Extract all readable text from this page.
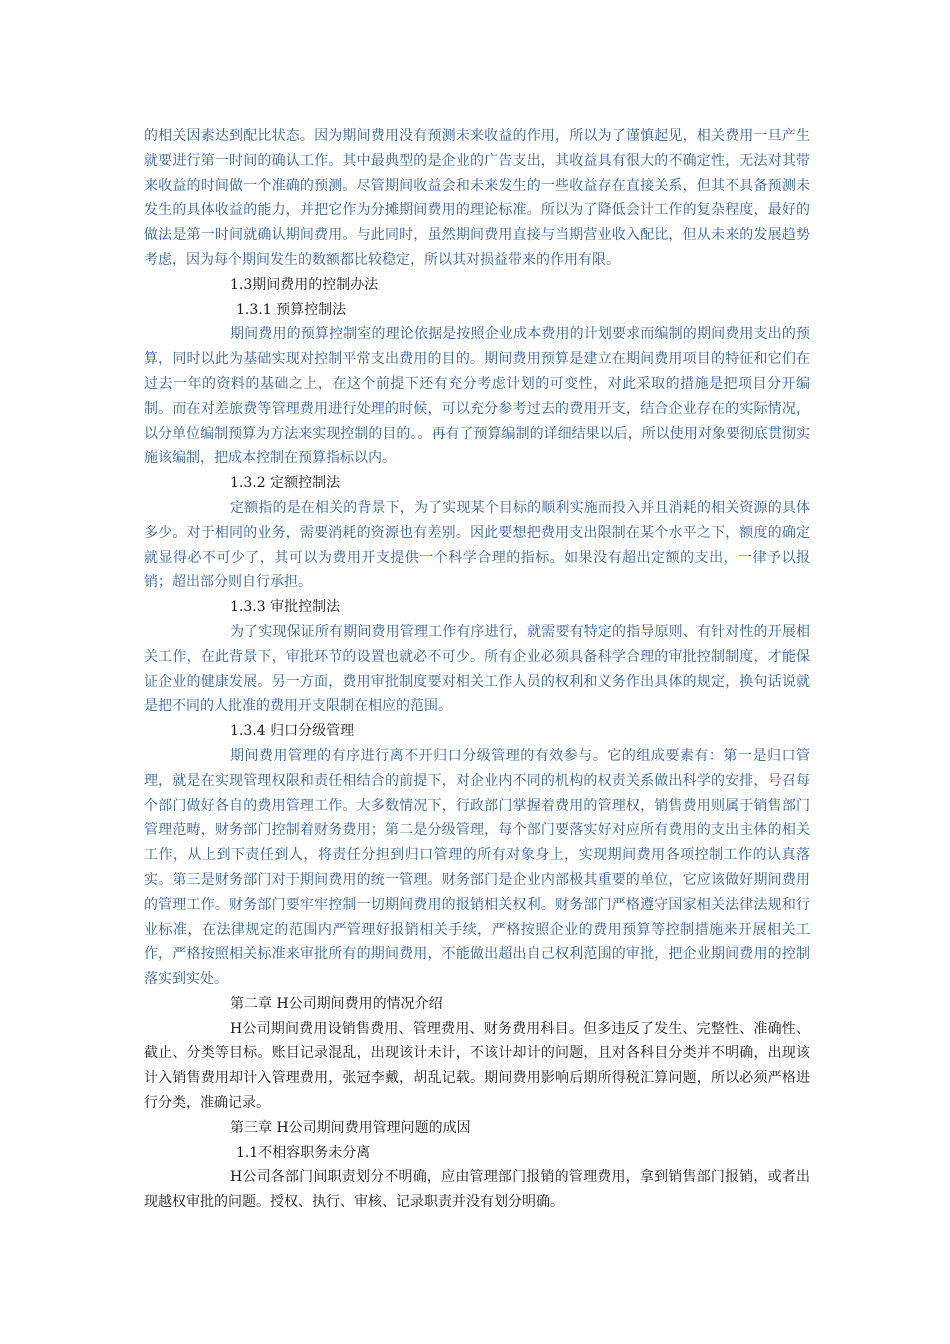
的相关因素达到配比状态。因为期间费用没有预测未来收益的作用，所以为了谨慎起见，相关费用一旦产生就要进行第一时间的确认工作。其中最典型的是企业的广告支出，其收益具有很大的不确定性，无法对其带来收益的时间做一个准确的预测。尽管期间收益会和未来发生的一些收益存在直接关系，但其不具备预测未发生的具体收益的能力，并把它作为分摊期间费用的理论标准。所以为了降低会计工作的复杂程度，最好的做法是第一时间就确认期间费用。与此同时，虽然期间费用直接与当期营业收入配比，但从未来的发展趋势考虑，因为每个期间发生的数额都比较稳定，所以其对损益带来的作用有限。

1.3期间费用的控制办法

1.3.1 预算控制法

期间费用的预算控制室的理论依据是按照企业成本费用的计划要求而编制的期间费用支出的预算，同时以此为基础实现对控制平常支出费用的目的。期间费用预算是建立在期间费用项目的特征和它们在过去一年的资料的基础之上，在这个前提下还有充分考虑计划的可变性，对此采取的措施是把项目分开编制。而在对差旅费等管理费用进行处理的时候，可以充分参考过去的费用开支，结合企业存在的实际情况，以分单位编制预算为方法来实现控制的目的。。再有了预算编制的详细结果以后，所以使用对象要彻底贯彻实施该编制，把成本控制在预算指标以内。

1.3.2 定额控制法

定额指的是在相关的背景下，为了实现某个目标的顺利实施而投入并且消耗的相关资源的具体多少。对于相同的业务，需要消耗的资源也有差别。因此要想把费用支出限制在某个水平之下，额度的确定就显得必不可少了，其可以为费用开支提供一个科学合理的指标。如果没有超出定额的支出，一律予以报销；超出部分则自行承担。

1.3.3 审批控制法

为了实现保证所有期间费用管理工作有序进行，就需要有特定的指导原则、有针对性的开展相关工作，在此背景下，审批环节的设置也就必不可少。所有企业必须具备科学合理的审批控制制度，才能保证企业的健康发展。另一方面，费用审批制度要对相关工作人员的权利和义务作出具体的规定，换句话说就是把不同的人批准的费用开支限制在相应的范围。

1.3.4 归口分级管理

期间费用管理的有序进行离不开归口分级管理的有效参与。它的组成要素有：第一是归口管理，就是在实现管理权限和责任相结合的前提下，对企业内不同的机构的权责关系做出科学的安排，号召每个部门做好各自的费用管理工作。大多数情况下，行政部门掌握着费用的管理权，销售费用则属于销售部门管理范畴，财务部门控制着财务费用；第二是分级管理，每个部门要落实好对应所有费用的支出主体的相关工作，从上到下责任到人，将责任分担到归口管理的所有对象身上，实现期间费用各项控制工作的认真落实。第三是财务部门对于期间费用的统一管理。财务部门是企业内部极其重要的单位，它应该做好期间费用的管理工作。财务部门要牢牢控制一切期间费用的报销相关权利。财务部门严格遵守国家相关法律法规和行业标准，在法律规定的范围内严管理好报销相关手续，严格按照企业的费用预算等控制措施来开展相关工作，严格按照相关标准来审批所有的期间费用，不能做出超出自己权利范围的审批，把企业期间费用的控制落实到实处。

第二章 H公司期间费用的情况介绍

H公司期间费用设销售费用、管理费用、财务费用科目。但多违反了发生、完整性、准确性、截止、分类等目标。账目记录混乱，出现该计未计，不该计却计的问题，且对各科目分类并不明确，出现该计入销售费用却计入管理费用，张冠李戴，胡乱记载。期间费用影响后期所得税汇算问题，所以必须严格进行分类，准确记录。

第三章 H公司期间费用管理问题的成因

1.1不相容职务未分离

H公司各部门间职责划分不明确，应由管理部门报销的管理费用，拿到销售部门报销，或者出现越权审批的问题。授权、执行、审核、记录职责并没有划分明确。
